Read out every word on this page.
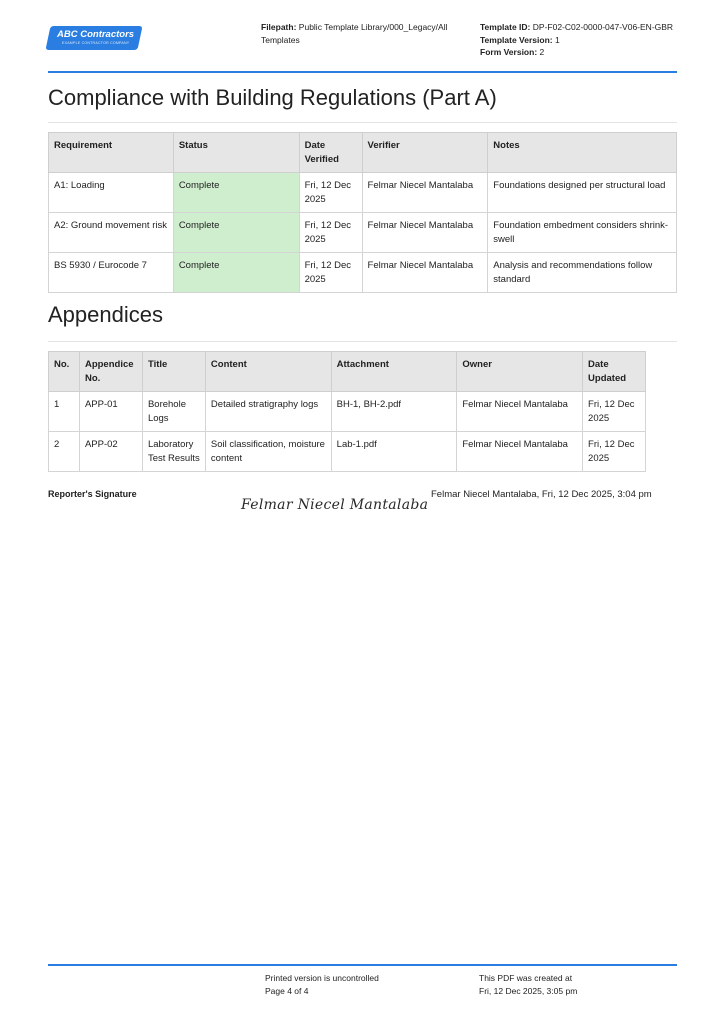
ABC Contractors
EXAMPLE CONTRACTOR COMPANY
Filepath: Public Template Library/000_Legacy/All
Templates
Template ID: DP-F02-C02-0000-047-V06-EN-GBR
Template Version: 1
Form Version: 2
Compliance with Building Regulations (Part A)
Requirement	Status	Date Verified	Verifier	Notes
A1: Loading	Complete	Fri, 12 Dec 2025	Felmar Niecel Mantalaba	Foundations designed per structural load
A2: Ground movement risk	Complete	Fri, 12 Dec 2025	Felmar Niecel Mantalaba	Foundation embedment considers shrink-swell
BS 5930 / Eurocode 7	Complete	Fri, 12 Dec 2025	Felmar Niecel Mantalaba	Analysis and recommendations follow standard
Appendices
No.	Appendice No.	Title	Content	Attachment	Owner	Date Updated
1	APP-01	Borehole Logs	Detailed stratigraphy logs	BH-1, BH-2.pdf	Felmar Niecel Mantalaba	Fri, 12 Dec 2025
2	APP-02	Laboratory Test Results	Soil classification, moisture content	Lab-1.pdf	Felmar Niecel Mantalaba	Fri, 12 Dec 2025
Reporter's Signature
Felmar Niecel Mantalaba
Felmar Niecel Mantalaba, Fri, 12 Dec 2025, 3:04 pm
Printed version is uncontrolled
Page 4 of 4
This PDF was created at
Fri, 12 Dec 2025, 3:05 pm
